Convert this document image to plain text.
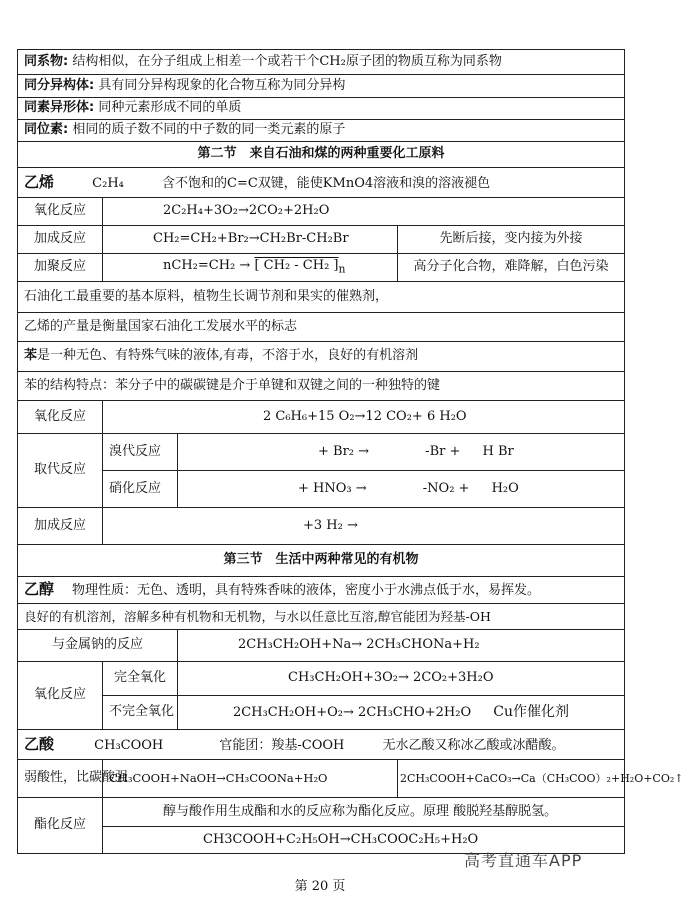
同系物: 结构相似，在分子组成上相差一个或若干个CH₂原子团的物质互称为同系物			
同分异构体: 具有同分异构现象的化合物互称为同分异构			
同素异形体: 同种元素形成不同的单质			
同位素: 相同的质子数不同的中子数的同一类元素的原子			
第二节　来自石油和煤的两种重要化工原料			
乙烯 C₂H₄ 含不饱和的C=C双键，能使KMnO4溶液和溴的溶液褪色			
氧化反应	2C₂H₄+3O₂→2CO₂+2H₂O		
加成反应	CH₂=CH₂+Br₂→CH₂Br-CH₂Br		先断后接，变内接为外接
加聚反应	nCH₂=CH₂ → [ CH₂ - CH₂ ]$_n$		高分子化合物，难降解，白色污染
石油化工最重要的基本原料，植物生长调节剂和果实的催熟剂，			
乙烯的产量是衡量国家石油化工发展水平的标志			
苯是一种无色、有特殊气味的液体,有毒，不溶于水，良好的有机溶剂			
苯的结构特点：苯分子中的碳碳键是介于单键和双键之间的一种独特的键			
氧化反应	2 C₆H₆+15 O₂→12 CO₂+ 6 H₂O		
取代反应	溴代反应	+ Br₂ → -Br + H Br	
	硝化反应	+ HNO₃ → -NO₂ + H₂O	
加成反应	+3 H₂ →		
第三节　生活中两种常见的有机物			
乙醇 物理性质：无色、透明，具有特殊香味的液体，密度小于水沸点低于水，易挥发。			
良好的有机溶剂，溶解多种有机物和无机物，与水以任意比互溶,醇官能团为羟基-OH			
与金属钠的反应		2CH₃CH₂OH+Na→ 2CH₃CHONa+H₂	
氧化反应	完全氧化	CH₃CH₂OH+3O₂→ 2CO₂+3H₂O	
	不完全氧化	2CH₃CH₂OH+O₂→ 2CH₃CHO+2H₂O Cu作催化剂	
乙酸 CH₃COOH 官能团：羧基-COOH 无水乙酸又称冰乙酸或冰醋酸。			
弱酸性，比碳酸强	CH₃COOH+NaOH→CH₃COONa+H₂O		2CH₃COOH+CaCO₃→Ca（CH₃COO）₂+H₂O+CO₂↑
酯化反应	醇与酸作用生成酯和水的反应称为酯化反应。原理 酸脱羟基醇脱氢。		
	CH3COOH+C₂H₅OH→CH₃COOC₂H₅+H₂O		
高考直通车APP
第 20 页
